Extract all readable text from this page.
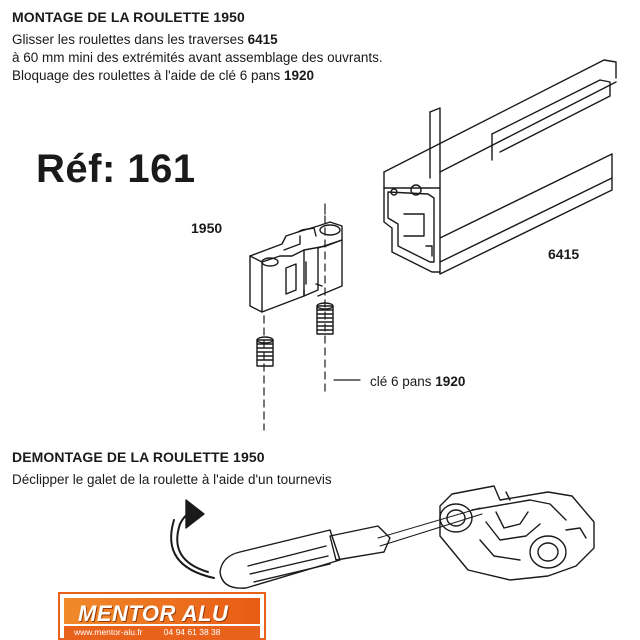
MONTAGE DE LA ROULETTE 1950
Glisser les roulettes dans les traverses 6415
à 60 mm mini des extrémités avant assemblage des ouvrants.
Bloquage des roulettes à l'aide de clé 6 pans 1920
Réf: 161
1950
6415
clé 6 pans 1920
DEMONTAGE DE LA ROULETTE 1950
Déclipper le galet de la roulette à l'aide d'un tournevis
MENTOR ALU
www.mentor-alu.fr	04 94 61 38 38
